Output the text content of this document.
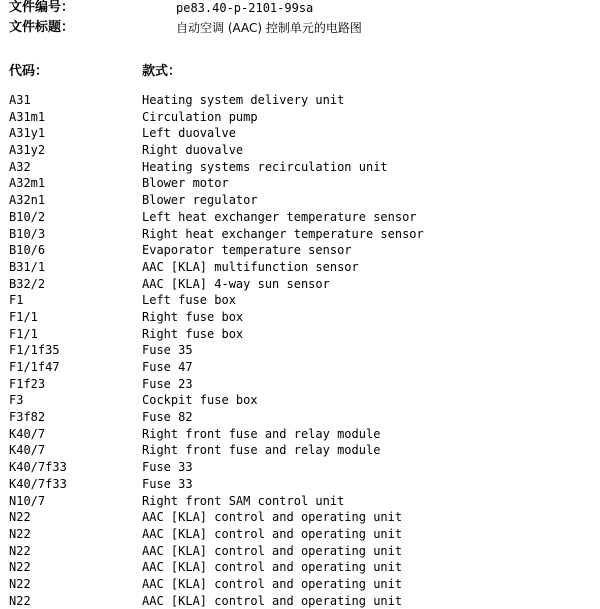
文件编号：	pe83.40-p-2101-99sa
文件标题：	自动空调 (AAC) 控制单元的电路图
代码：	款式：
A31	Heating system delivery unit
A31m1	Circulation pump
A31y1	Left duovalve
A31y2	Right duovalve
A32	Heating systems recirculation unit
A32m1	Blower motor
A32n1	Blower regulator
B10/2	Left heat exchanger temperature sensor
B10/3	Right heat exchanger temperature sensor
B10/6	Evaporator temperature sensor
B31/1	AAC [KLA] multifunction sensor
B32/2	AAC [KLA] 4-way sun sensor
F1	Left fuse box
F1/1	Right fuse box
F1/1	Right fuse box
F1/1f35	Fuse 35
F1/1f47	Fuse 47
F1f23	Fuse 23
F3	Cockpit fuse box
F3f82	Fuse 82
K40/7	Right front fuse and relay module
K40/7	Right front fuse and relay module
K40/7f33	Fuse 33
K40/7f33	Fuse 33
N10/7	Right front SAM control unit
N22	AAC [KLA] control and operating unit
N22	AAC [KLA] control and operating unit
N22	AAC [KLA] control and operating unit
N22	AAC [KLA] control and operating unit
N22	AAC [KLA] control and operating unit
N22	AAC [KLA] control and operating unit
